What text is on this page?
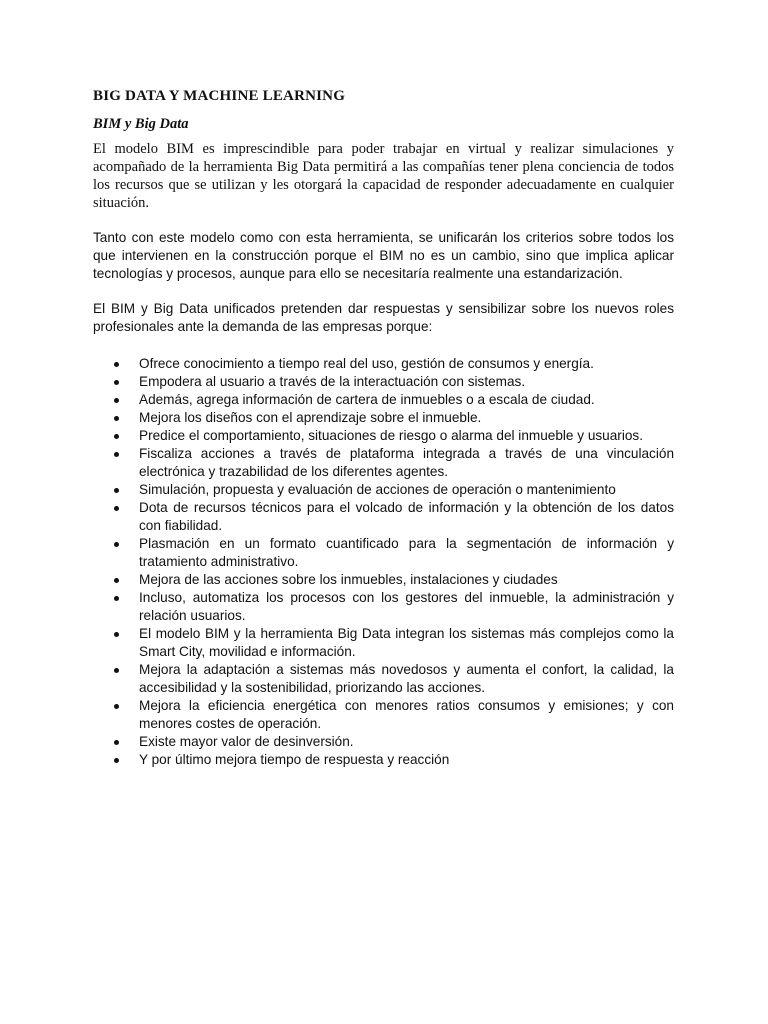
BIG DATA Y MACHINE LEARNING
BIM y Big Data

El modelo BIM es imprescindible para poder trabajar en virtual y realizar simulaciones y acompañado de la herramienta Big Data permitirá a las compañías tener plena conciencia de todos los recursos que se utilizan y les otorgará la capacidad de responder adecuadamente en cualquier situación.

Tanto con este modelo como con esta herramienta, se unificarán los criterios sobre todos los que intervienen en la construcción porque el BIM no es un cambio, sino que implica aplicar tecnologías y procesos, aunque para ello se necesitaría realmente una estandarización.

El BIM y Big Data unificados pretenden dar respuestas y sensibilizar sobre los nuevos roles profesionales ante la demanda de las empresas porque:

Ofrece conocimiento a tiempo real del uso, gestión de consumos y energía.
Empodera al usuario a través de la interactuación con sistemas.
Además, agrega información de cartera de inmuebles o a escala de ciudad.
Mejora los diseños con el aprendizaje sobre el inmueble.
Predice el comportamiento, situaciones de riesgo o alarma del inmueble y usuarios.
Fiscaliza acciones a través de plataforma integrada a través de una vinculación electrónica y trazabilidad de los diferentes agentes.
Simulación, propuesta y evaluación de acciones de operación o mantenimiento
Dota de recursos técnicos para el volcado de información y la obtención de los datos con fiabilidad.
Plasmación en un formato cuantificado para la segmentación de información y tratamiento administrativo.
Mejora de las acciones sobre los inmuebles, instalaciones y ciudades
Incluso, automatiza los procesos con los gestores del inmueble, la administración y relación usuarios.
El modelo BIM y la herramienta Big Data integran los sistemas más complejos como la Smart City, movilidad e información.
Mejora la adaptación a sistemas más novedosos y aumenta el confort, la calidad, la accesibilidad y la sostenibilidad, priorizando las acciones.
Mejora la eficiencia energética con menores ratios consumos y emisiones; y con menores costes de operación.
Existe mayor valor de desinversión.
Y por último mejora tiempo de respuesta y reacción
